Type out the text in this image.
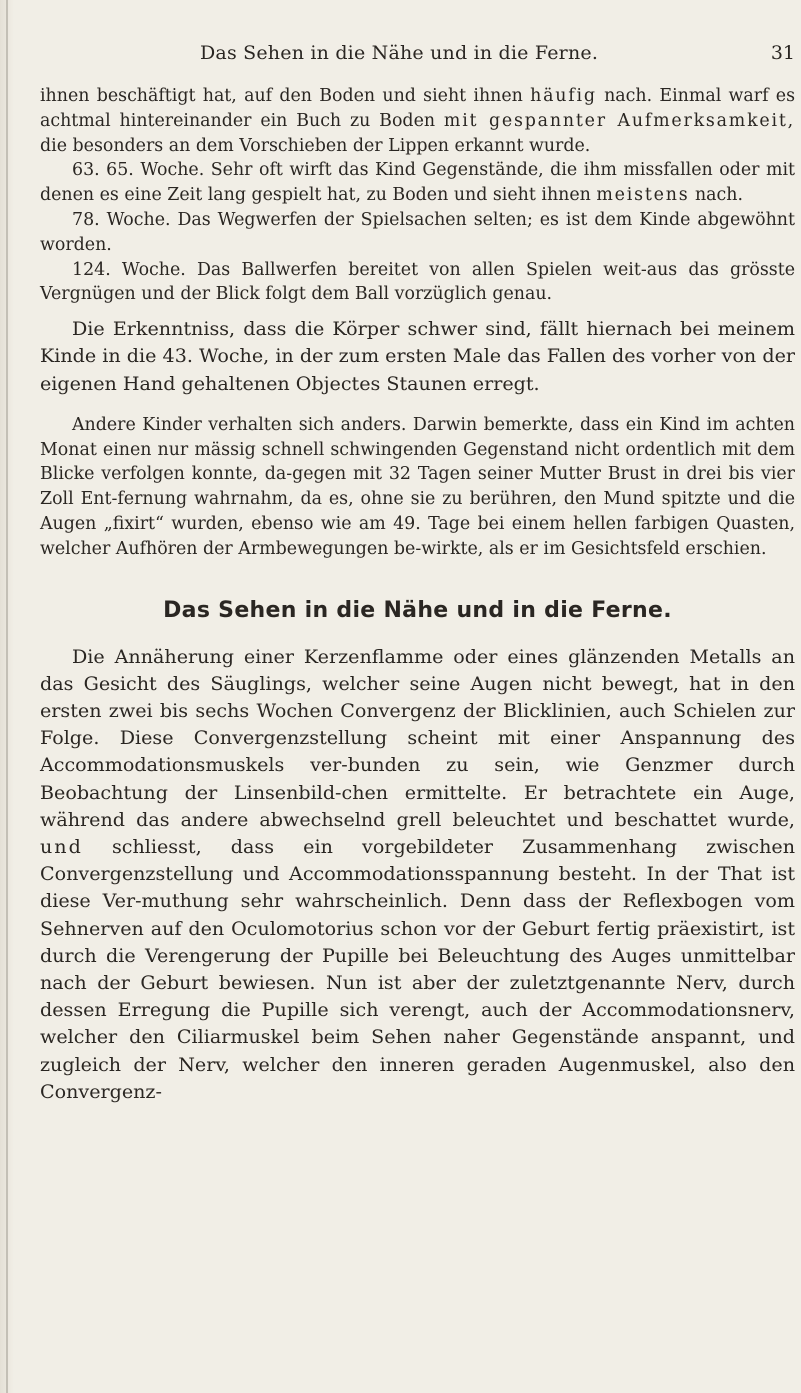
Das Sehen in die Nähe und in die Ferne.	31

ihnen beschäftigt hat, auf den Boden und sieht ihnen häufig nach. Einmal warf es achtmal hintereinander ein Buch zu Boden mit gespannter Aufmerksamkeit, die besonders an dem Vorschieben der Lippen erkannt wurde.

63. 65. Woche. Sehr oft wirft das Kind Gegenstände, die ihm missfallen oder mit denen es eine Zeit lang gespielt hat, zu Boden und sieht ihnen meistens nach.

78. Woche. Das Wegwerfen der Spielsachen selten; es ist dem Kinde abgewöhnt worden.

124. Woche. Das Ballwerfen bereitet von allen Spielen weit-aus das grösste Vergnügen und der Blick folgt dem Ball vorzüglich genau.

Die Erkenntniss, dass die Körper schwer sind, fällt hiernach bei meinem Kinde in die 43. Woche, in der zum ersten Male das Fallen des vorher von der eigenen Hand gehaltenen Objectes Staunen erregt.

Andere Kinder verhalten sich anders. Darwin bemerkte, dass ein Kind im achten Monat einen nur mässig schnell schwingenden Gegenstand nicht ordentlich mit dem Blicke verfolgen konnte, da-gegen mit 32 Tagen seiner Mutter Brust in drei bis vier Zoll Ent-fernung wahrnahm, da es, ohne sie zu berühren, den Mund spitzte und die Augen „fixirt“ wurden, ebenso wie am 49. Tage bei einem hellen farbigen Quasten, welcher Aufhören der Armbewegungen be-wirkte, als er im Gesichtsfeld erschien.

Das Sehen in die Nähe und in die Ferne.

Die Annäherung einer Kerzenflamme oder eines glänzenden Metalls an das Gesicht des Säuglings, welcher seine Augen nicht bewegt, hat in den ersten zwei bis sechs Wochen Convergenz der Blicklinien, auch Schielen zur Folge. Diese Convergenzstellung scheint mit einer Anspannung des Accommodationsmuskels ver-bunden zu sein, wie Genzmer durch Beobachtung der Linsenbild-chen ermittelte. Er betrachtete ein Auge, während das andere abwechselnd grell beleuchtet und beschattet wurde, und schliesst, dass ein vorgebildeter Zusammenhang zwischen Convergenzstellung und Accommodationsspannung besteht. In der That ist diese Ver-muthung sehr wahrscheinlich. Denn dass der Reflexbogen vom Sehnerven auf den Oculomotorius schon vor der Geburt fertig präexistirt, ist durch die Verengerung der Pupille bei Beleuchtung des Auges unmittelbar nach der Geburt bewiesen. Nun ist aber der zuletztgenannte Nerv, durch dessen Erregung die Pupille sich verengt, auch der Accommodationsnerv, welcher den Ciliarmuskel beim Sehen naher Gegenstände anspannt, und zugleich der Nerv, welcher den inneren geraden Augenmuskel, also den Convergenz-
